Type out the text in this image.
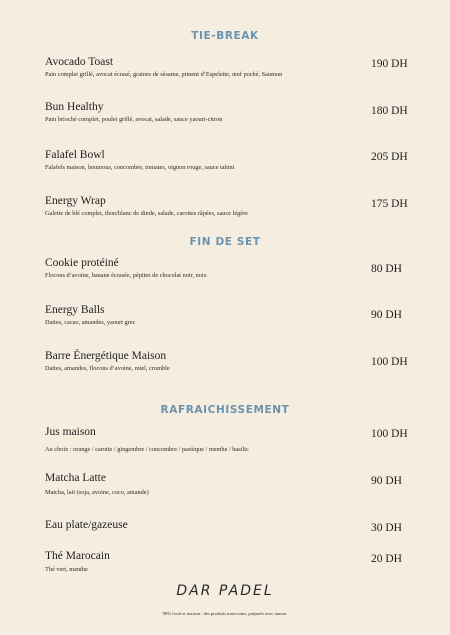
TIE-BREAK
Avocado Toast
Pain complet grillé, avocat écrasé, graines de sésame, piment d’Espelette, œuf poché, Saumon
190 DH
Bun Healthy
Pain brioché complet, poulet grillé, avocat, salade, sauce yaourt-citron
180 DH
Falafel Bowl
Falafels maison, houmous, concombre, tomates, oignon rouge, sauce tahini
205 DH
Energy Wrap
Galette de blé complet, thon/blanc de dinde, salade, carottes râpées, sauce légère
175 DH
FIN DE SET
Cookie protéiné
Flocons d’avoine, banane écrasée, pépites de chocolat noir, noix
80 DH
Energy Balls
Dattes, cacao, amandes, yaourt grec
90 DH
Barre Énergétique Maison
Dattes, amandes, flocons d’avoine, miel, crumble
100 DH
RAFRAICHISSEMENT
Jus maison
Au choix : orange / carotte / gingembre / concombre / pastèque / menthe / basilic
100 DH
Matcha Latte
Matcha, lait (soja, avoine, coco, amande)
90 DH
Eau plate/gazeuse	30 DH
Thé Marocain
Thé vert, menthe
20 DH
DAR PADEL
98% local et maison : des produits marocains, préparés avec amour.
